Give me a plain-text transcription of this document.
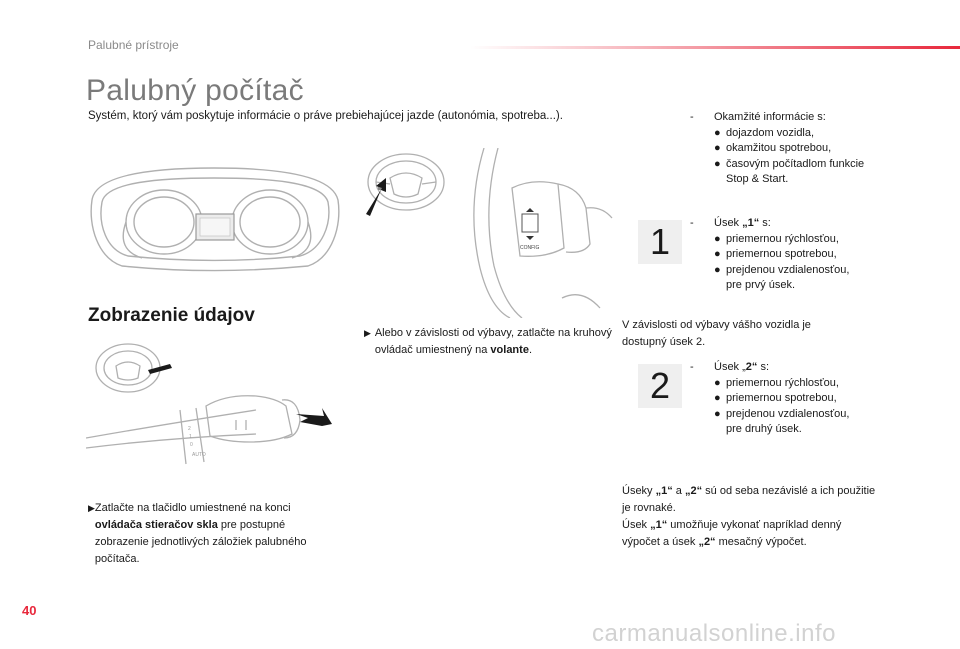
Palubné prístroje
Palubný počítač
Systém, ktorý vám poskytuje informácie o práve prebiehajúcej jazde (autonómia, spotreba...).
CONFIG
Zobrazenie údajov
▶ Alebo v závislosti od výbavy, zatlačte na kruhový ovládač umiestnený na volante.
2
1
0
AUTO
▶ Zatlačte na tlačidlo umiestnené na konci ovládača stieračov skla pre postupné zobrazenie jednotlivých záložiek palubného počítača.
-	Okamžité informácie s:
● dojazdom vozidla,
● okamžitou spotrebou,
● časovým počítadlom funkcie
Stop & Start.
1 -	Úsek „1“ s:
● priemernou rýchlosťou,
● priemernou spotrebou,
● prejdenou vzdialenosťou,
pre prvý úsek.
V závislosti od výbavy vášho vozidla je dostupný úsek 2.
2 -	Úsek „2“ s:
● priemernou rýchlosťou,
● priemernou spotrebou,
● prejdenou vzdialenosťou,
pre druhý úsek.
Úseky „1“ a „2“ sú od seba nezávislé a ich použitie je rovnaké.
Úsek „1“ umožňuje vykonať napríklad denný výpočet a úsek „2“ mesačný výpočet.
40
carmanualsonline.info
